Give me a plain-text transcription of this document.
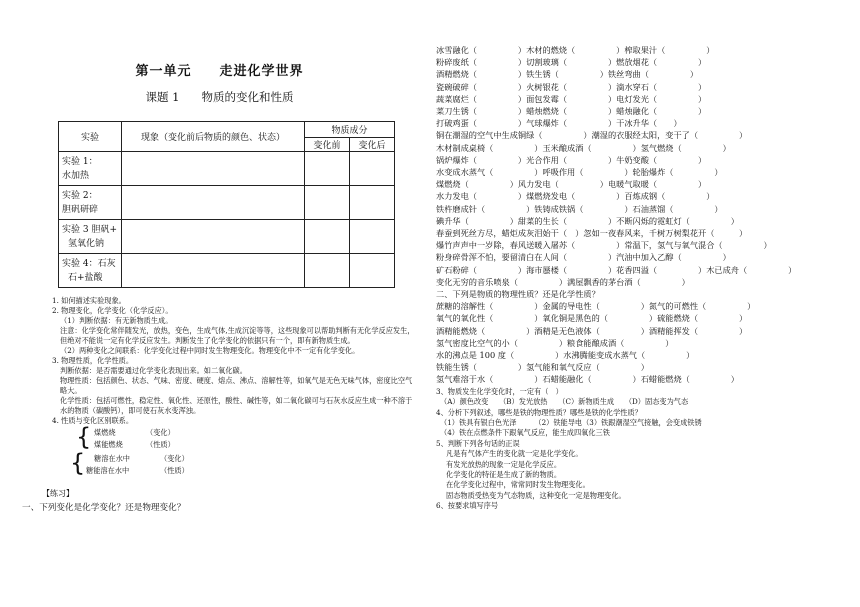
第一单元 走进化学世界
课题 1 物质的变化和性质
实验	现象（变化前后物质的颜色、状态）	物质成分	
		变化前	变化后

实验 1：
水加热			

实验 2：
胆矾研碎			

实验 3 胆矾+
氢氧化钠			

实验 4：石灰
石+盐酸			

1. 如何描述实验现象。

2. 物理变化，化学变化（化学反应）。

（1）判断依据：有无新物质生成。

注意：化学变化常伴随发光，放热，变色，生成气体,生成沉淀等等，这些现象可以帮助判断有无化学反应发生，但绝对不能说一定有化学反应发生。判断发生了化学变化的依据只有一个，即有新物质生成。

（2）两种变化之间联系：化学变化过程中同时发生物理变化。物理变化中不一定有化学变化。

3. 物理性质，化学性质。

判断依据：是否需要通过化学变化表现出来。如二氧化碳。

物理性质：包括颜色、状态、气味、密度、硬度、熔点、沸点、溶解性等，如氧气是无色无味气体，密度比空气略大。

化学性质：包括可燃性，稳定性、氧化性、还原性，酸性、碱性等，如二氧化碳可与石灰水反应生成一种不溶于水的物质（碳酸钙），即可使石灰水变浑浊。

4. 性质与变化区别联系。

{ 煤燃烧	（变化）
煤能燃烧	（性质）
{ 糖溶在水中	（变化）
糖能溶在水中	（性质）
【练习】
一、下列变化是化学变化？还是物理变化？
冰雪融化（　　　　　）木材的燃烧（　　　　　）榨取果汁（　　　　　）
粉碎废纸（　　　　　）切割玻璃（　　　　　）燃放烟花（　　　　　）
酒精燃烧（　　　　　）铁生锈（　　　　　）铁丝弯曲（　　　　　）
瓷碗破碎（　　　　　）火树银花（　　　　　）滴水穿石（　　　　　）
蔬菜腐烂（　　　　　）面包发霉（　　　　　）电灯发光（　　　　　）
菜刀生锈（　　　　　）蜡烛燃烧（　　　　　）蜡烛融化（　　　　　）
打破鸡蛋（　　　　　）气球爆炸（　　　　　）干冰升华（　　）
铜在潮湿的空气中生成铜绿（　　　　　）潮湿的衣服经太阳，变干了（　　　　　）
木材制成桌椅（　　　　　）玉米酿成酒（　　　　　）氢气燃烧（　　　　　）
锅炉爆炸（　　　　　）光合作用（　　　　　）牛奶变酸（　　　　　）
水变成水蒸气（　　　　　）呼吸作用（　　　　　）轮胎爆炸（　　　　　）
煤燃烧（　　　　　）风力发电（　　　　　）电暖气取暖（　　　　　）
水力发电（　　　　　）煤燃烧发电（　　　　　）百炼成钢（　　　　　）
铁杵磨成针（　　　　　）铁铸成铁锅（　　　　　）石油蒸馏（　　　　　）
碘升华（　　　　　）甜菜的生长（　　　　　）不断闪烁的霓虹灯（　　　　　）
春蚕到死丝方尽，蜡炬成灰泪始干（　）忽如一夜春风来，千树万树梨花开（　　　）
爆竹声声中一岁除，春风送暖入屠苏（　　　　　）常温下，氢气与氧气混合（　　　　　）
粉身碎骨浑不怕，要留清白在人间（　　　　　）汽油中加入乙醇（　　　　　）
矿石粉碎（　　　　　）海市蜃楼（　　　　　）花香四溢（　　　　　）木已成舟（　　　　　）
变化无穷的音乐喷泉（　　　　　）满屋飘香的茅台酒（　　　　　）
二、下列是物质的物理性质？还是化学性质？
蔗糖的溶解性（　　　　　）金属的导电性（　　　　　）氮气的可燃性（　　　　　）
氧气的氧化性（　　　　　）氧化铜是黑色的（　　　　　）硫能燃烧（　　　　　）
酒精能燃烧（　　　　　）酒精是无色液体（　　　　　）酒精能挥发（　　　　　）
氢气密度比空气的小（　　　　　）粮食能酿成酒（　　　　　）
水的沸点是 100 度（　　　　　）水沸腾能变成水蒸气（　　　　　）
铁能生锈（　　　　　）氢气能和氧气反应（　　　　　）
氢气难溶于水（　　　　　）石蜡能融化（　　　　　）石蜡能燃烧（　　　　　）
3、物质发生化学变化时，一定有（　）
（A）颜色改变　　（B）发光放热　　（C）新物质生成　　（D）固态变为气态
4、分析下列叙述，哪些是铁的物理性质？哪些是铁的化学性质？
（1）铁具有银白色光泽　　　（2）铁能导电（3）铁跟潮湿空气接触，会变成铁锈
（4）铁在点燃条件下跟氧气反应，能生成四氧化三铁
5、判断下列各句话的正误
凡是有气体产生的变化就一定是化学变化。
有发光放热的现象一定是化学反应。
化学变化的特征是生成了新的物质。
在化学变化过程中，常常同时发生物理变化。
固态物质受热变为气态物质，这种变化一定是物理变化。
6、按要求填写序号
